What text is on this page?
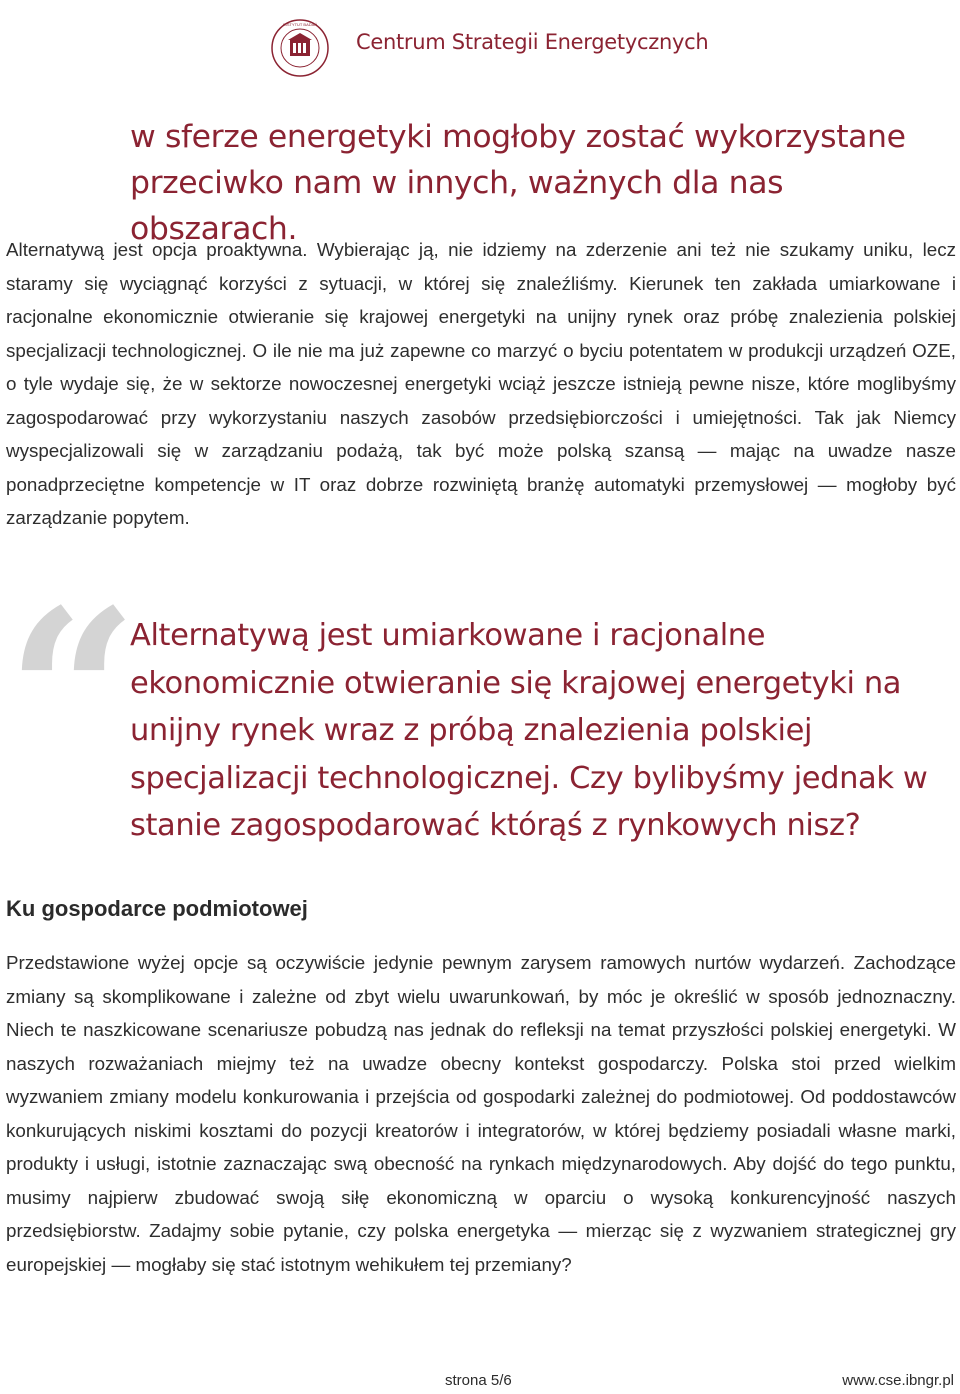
INSTYTUT BADAŃ
Centrum Strategii Energetycznych
w sferze energetyki mogłoby zostać wykorzystane przeciwko nam w innych, ważnych dla nas obszarach.

Alternatywą jest opcja proaktywna. Wybierając ją, nie idziemy na zderzenie ani też nie szukamy uniku, lecz staramy się wyciągnąć korzyści z sytuacji, w której się znaleźliśmy. Kierunek ten zakłada umiarkowane i racjonalne ekonomicznie otwieranie się krajowej energetyki na unijny rynek oraz próbę znalezienia polskiej specjalizacji technologicznej. O ile nie ma już zapewne co marzyć o byciu potentatem w produkcji urządzeń OZE, o tyle wydaje się, że w sektorze nowoczesnej energetyki wciąż jeszcze istnieją pewne nisze, które moglibyśmy zagospodarować przy wykorzystaniu naszych zasobów przedsiębiorczości i umiejętności. Tak jak Niemcy wyspecjalizowali się w zarządzaniu podażą, tak być może polską szansą — mając na uwadze nasze ponadprzeciętne kompetencje w IT oraz dobrze rozwiniętą branżę automatyki przemysłowej — mogłoby być zarządzanie popytem.

“

Alternatywą jest umiarkowane i racjonalne ekonomicznie otwieranie się krajowej energetyki na unijny rynek wraz z próbą znalezienia polskiej specjalizacji technologicznej. Czy bylibyśmy jednak w stanie zagospodarować którąś z rynkowych nisz?

Ku gospodarce podmiotowej

Przedstawione wyżej opcje są oczywiście jedynie pewnym zarysem ramowych nurtów wydarzeń. Zachodzące zmiany są skomplikowane i zależne od zbyt wielu uwarunkowań, by móc je określić w sposób jednoznaczny. Niech te naszkicowane scenariusze pobudzą nas jednak do refleksji na temat przyszłości polskiej energetyki. W naszych rozważaniach miejmy też na uwadze obecny kontekst gospodarczy. Polska stoi przed wielkim wyzwaniem zmiany modelu konkurowania i przejścia od gospodarki zależnej do podmiotowej. Od poddostawców konkurujących niskimi kosztami do pozycji kreatorów i integratorów, w której będziemy posiadali własne marki, produkty i usługi, istotnie zaznaczając swą obecność na rynkach międzynarodowych. Aby dojść do tego punktu, musimy najpierw zbudować swoją siłę ekonomiczną w oparciu o wysoką konkurencyjność naszych przedsiębiorstw. Zadajmy sobie pytanie, czy polska energetyka — mierząc się z wyzwaniem strategicznej gry europejskiej — mogłaby się stać istotnym wehikułem tej przemiany?

strona 5/6	www.cse.ibngr.pl
